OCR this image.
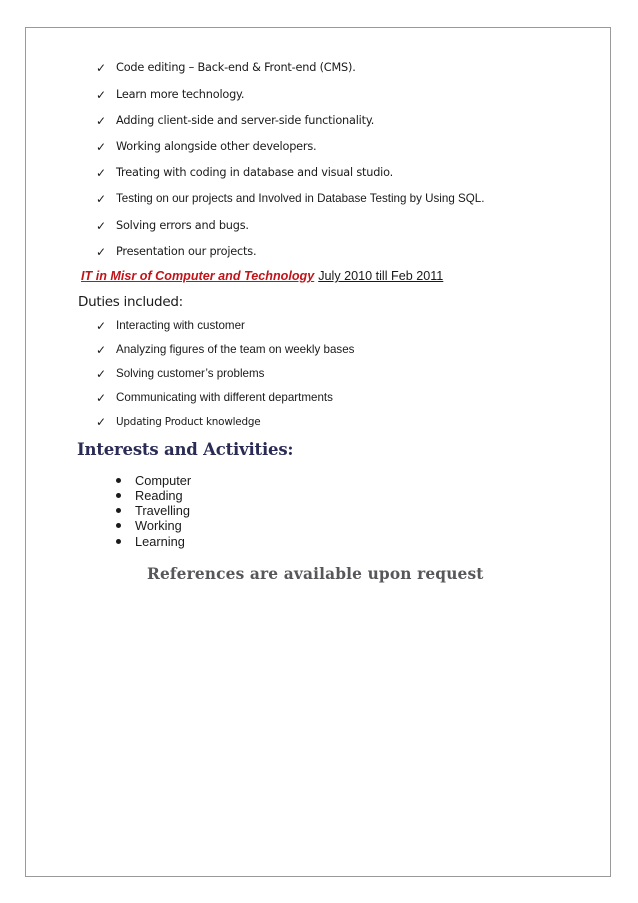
✓ Code editing – Back-end & Front-end (CMS).
✓ Learn more technology.
✓ Adding client-side and server-side functionality.
✓ Working alongside other developers.
✓ Treating with coding in database and visual studio.
✓ Testing on our projects and Involved in Database Testing by Using SQL.
✓ Solving errors and bugs.
✓ Presentation our projects.
IT in Misr of Computer and Technology July 2010 till Feb 2011
Duties included:
✓ Interacting with customer
✓ Analyzing figures of the team on weekly bases
✓ Solving customer’s problems
✓ Communicating with different departments
✓ Updating Product knowledge
Interests and Activities:
Computer
Reading
Travelling
Working
Learning
References are available upon request
